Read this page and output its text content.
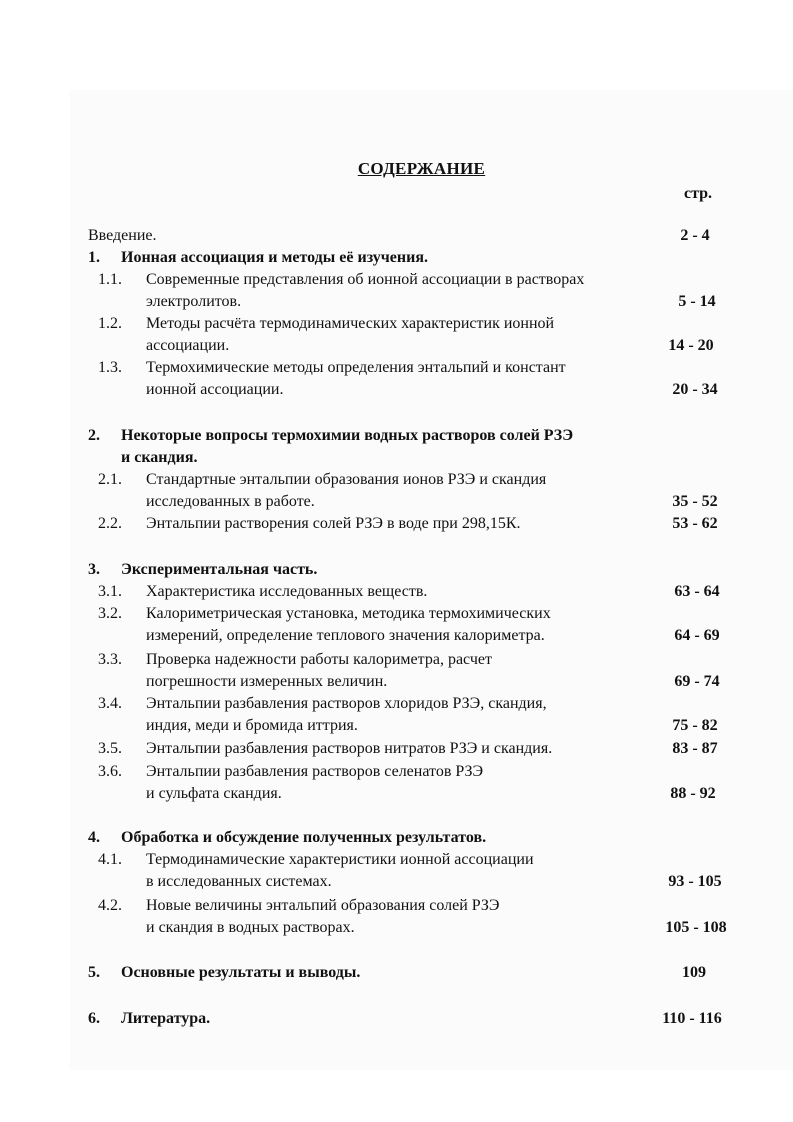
СОДЕРЖАНИЕ
стр.
Введение.	2 - 4
1. Ионная ассоциация и методы её изучения.
1.1. Современные представления об ионной ассоциации в растворах
электролитов.	5 - 14
1.2. Методы расчёта термодинамических характеристик ионной
ассоциации.	14 - 20
1.3. Термохимические методы определения энтальпий и констант
ионной ассоциации.	20 - 34
2. Некоторые вопросы термохимии водных растворов солей РЗЭ
и скандия.
2.1. Стандартные энтальпии образования ионов РЗЭ и скандия
исследованных в работе.	35 - 52
2.2. Энтальпии растворения солей РЗЭ в воде при 298,15К.	53 - 62
3. Экспериментальная часть.
3.1. Характеристика исследованных веществ.	63 - 64
3.2. Калориметрическая установка, методика термохимических
измерений, определение теплового значения калориметра.	64 - 69
3.3. Проверка надежности работы калориметра, расчет
погрешности измеренных величин.	69 - 74
3.4. Энтальпии разбавления растворов хлоридов РЗЭ, скандия,
индия, меди и бромида иттрия.	75 - 82
3.5. Энтальпии разбавления растворов нитратов РЗЭ и скандия.	83 - 87
3.6. Энтальпии разбавления растворов селенатов РЗЭ
и сульфата скандия.	88 - 92
4. Обработка и обсуждение полученных результатов.
4.1. Термодинамические характеристики ионной ассоциации
в исследованных системах.	93 - 105
4.2. Новые величины энтальпий образования солей РЗЭ
и скандия в водных растворах.	105 - 108
5. Основные результаты и выводы.	109
6. Литература.	110 - 116
